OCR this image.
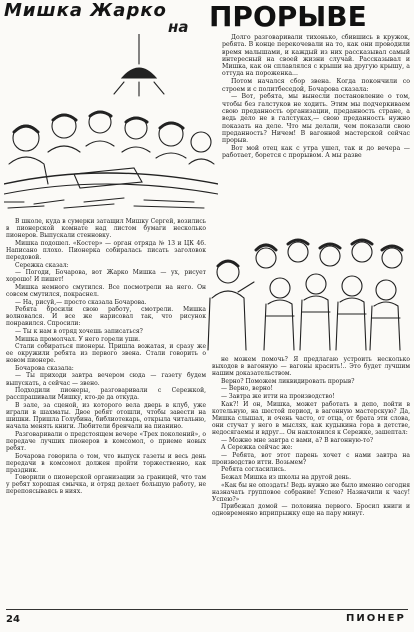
Мишка Жарко
на ПРОРЫВЕ

Долго разговаривали тихонько, сбившись в кружок, ребята. В конце перекочевали на то, как они проводили время малышами, и каждый из них рассказывал самый интересный на своей жизни случай. Рассказывал и Мишка, как он сплавлялся с крыши на другую крышу, а оттуда на пороженка...

Потом начался сбор звена. Когда покончили со строем и с политбеседой, Бочарова сказала:

— Вот, ребята, мы вынесли постановление о том, чтобы без галстуков не ходить. Этим мы подчеркиваем свою преданность организации, преданность стране, а ведь дело не в галстуках,— свою преданность нужно показать на деле. Что мы делали, чем показали свою преданность? Ничем! В вагонной мастерской сейчас прорыв.

Вот мой отец как с утра ушел, так и до вечера — работает, борется с прорывом. А мы разве

В школе, куда в сумерки затащил Мишку Сергей, возились в пионерской комнате над листом бумаги несколько пионеров. Выпускали стенновку.

Мишка подошел. «Костер» — орган отряда № 13 и ЦК 46. Написано плохо. Пионерка собиралась писать заголовок передовой.

Сережка сказал:

— Погоди, Бочарова, вот Жарко Мишка — ух, рисует хорошо! И пишет!

Мишка немного смутился. Все посмотрели на него. Он совсем смутился, покраснел.

— На, рисуй,— просто сказала Бочарова.

Ребята бросили свою работу, смотрели. Мишка волновался. И все же нарисовал так, что рисунок понравился. Спросили:

— Ты к нам в отряд хочешь записаться?

Мишка промолчал. У него горели уши.

Стали собираться пионеры. Пришла вожатая, и сразу же ее окружили ребята из первого звена. Стали говорить о новом пионере.

Бочарова сказала:

— Ты приходи завтра вечером сюда — газету будем выпускать, а сейчас — звено.

Подходили пионеры, разговаривали с Сережкой, расспрашивали Мишку, кто-де да откуда.

В зале, за сценой, из которого вела дверь в клуб, уже играли в шахматы. Двое ребят отошли, чтобы завести на шишки. Пришла Голубина, библиотекарь, открыла читальню, начала менять книги. Любители бренчали на пианино.

Разговаривали о предстоящем вечере «Трех поколений», о передаче лучших пионеров в комсомол, о приеме новых ребят.

Бочарова говорила о том, что выпуск газеты и весь день передачи в комсомол должен пройти торжественно, как праздник.

Говорили о пионерской организации за границей, что там у ребят хорошая смычка, и отряд делает большую работу, не перепоясываясь в ниях.

не можем помочь? Я предлагаю устроить несколько выходов в вагонную — вагоны красить!.. Это будет лучшим нашим доказательством.

Верно? Поможем ликвидировать прорыв?

— Верно, верно!

— Завтра же итти на производство!

Как?! И он, Мишка, может работать в депо, пойти в котельную, на шестой период, в вагонную мастерскую? Да, Мишка слышал, и очень часто, от отца, от брата эти слова, они стучат у него в мыслях, как кудыкина гора в детстве, недосягаемы и вдруг... Он наклонился к Сережке, зашептал:

— Можно мне завтра с вами, а? В вагонную-то?

А Сережка сейчас же:

— Ребята, вот этот парень хочет с нами завтра на производство итти. Возьмем?

Ребята согласились.

Бежал Мишка из школы на другой день.

«Как бы не опоздать! Ведь нужно же было именно сегодня назначать групповое собрание! Успею? Назначили к часу! Успею?»

Прибежал домой — половина первого. Бросил книги и одновременно вприпрыжку еще на пару минут.

24	ПИОНЕР
